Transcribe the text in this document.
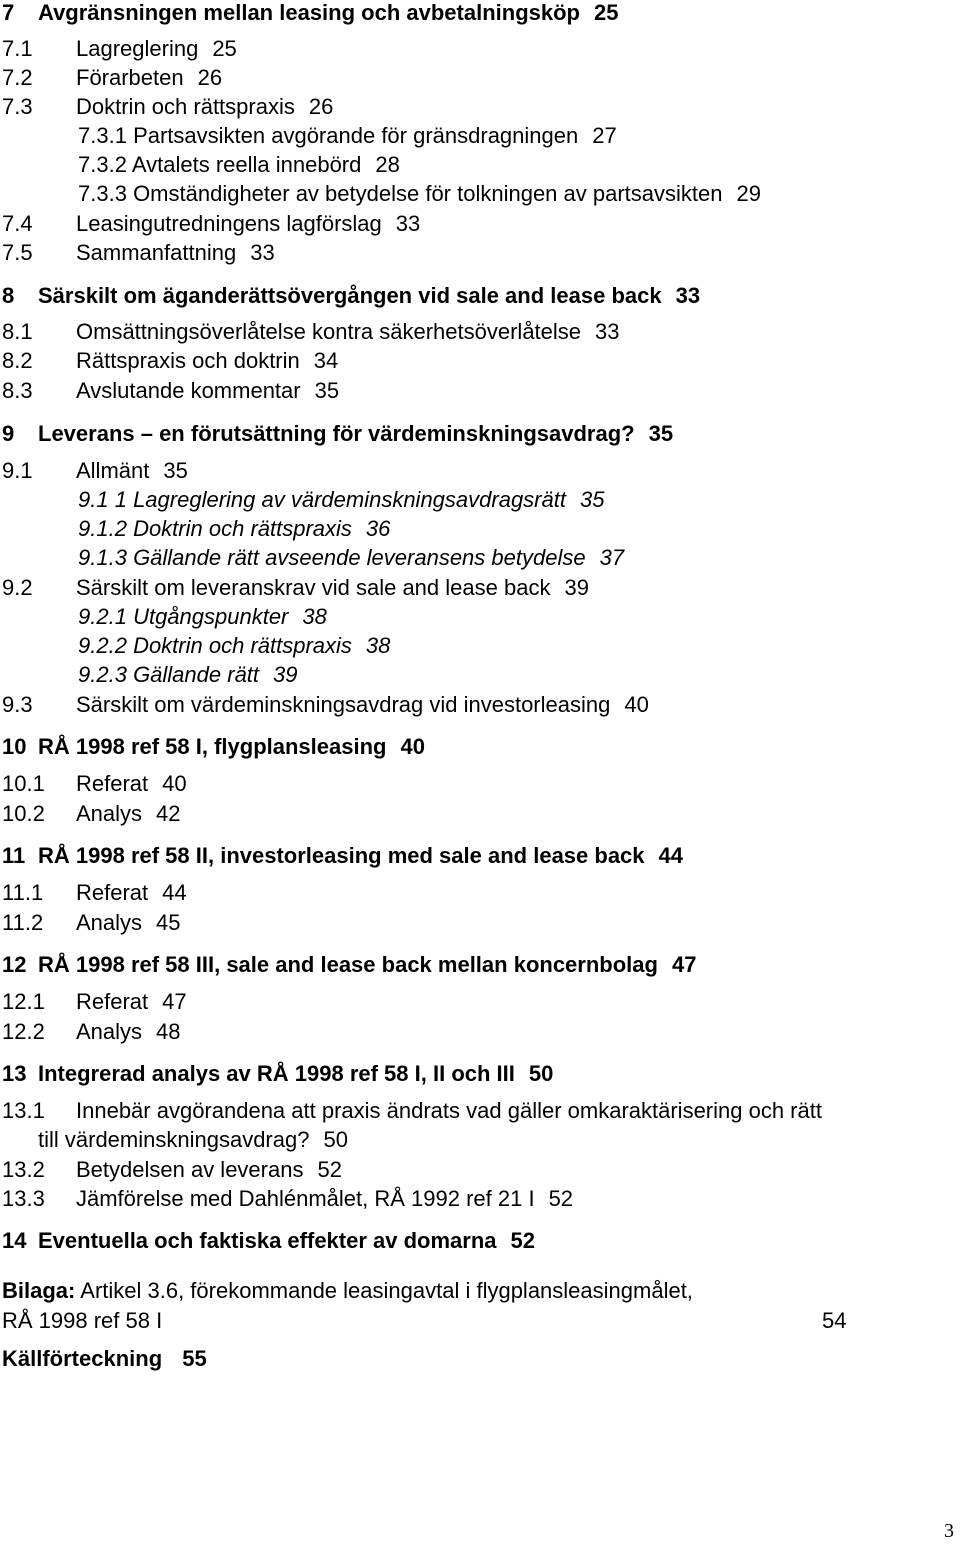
7 Avgränsningen mellan leasing och avbetalningsköp 25
7.1 Lagreglering 25
7.2 Förarbeten 26
7.3 Doktrin och rättspraxis 26
7.3.1 Partsavsikten avgörande för gränsdragningen 27
7.3.2 Avtalets reella innebörd 28
7.3.3 Omständigheter av betydelse för tolkningen av partsavsikten 29
7.4 Leasingutredningens lagförslag 33
7.5 Sammanfattning 33
8 Särskilt om äganderättsövergången vid sale and lease back 33
8.1 Omsättningsöverlåtelse kontra säkerhetsöverlåtelse 33
8.2 Rättspraxis och doktrin 34
8.3 Avslutande kommentar 35
9 Leverans – en förutsättning för värdeminskningsavdrag? 35
9.1 Allmänt 35
9.1 1 Lagreglering av värdeminskningsavdragsrätt 35
9.1.2 Doktrin och rättspraxis 36
9.1.3 Gällande rätt avseende leveransens betydelse 37
9.2 Särskilt om leveranskrav vid sale and lease back 39
9.2.1 Utgångspunkter 38
9.2.2 Doktrin och rättspraxis 38
9.2.3 Gällande rätt 39
9.3 Särskilt om värdeminskningsavdrag vid investorleasing 40
10 RÅ 1998 ref 58 I, flygplansleasing 40
10.1 Referat 40
10.2 Analys 42
11 RÅ 1998 ref 58 II, investorleasing med sale and lease back 44
11.1 Referat 44
11.2 Analys 45
12 RÅ 1998 ref 58 III, sale and lease back mellan koncernbolag 47
12.1 Referat 47
12.2 Analys 48
13 Integrerad analys av RÅ 1998 ref 58 I, II och III 50
13.1 Innebär avgörandena att praxis ändrats vad gäller omkaraktärisering och rätt
till värdeminskningsavdrag? 50
13.2 Betydelsen av leverans 52
13.3 Jämförelse med Dahlénmålet, RÅ 1992 ref 21 I 52
14 Eventuella och faktiska effekter av domarna 52
Bilaga: Artikel 3.6, förekommande leasingavtal i flygplansleasingmålet,
RÅ 1998 ref 58 I	54
Källförteckning 55
3
